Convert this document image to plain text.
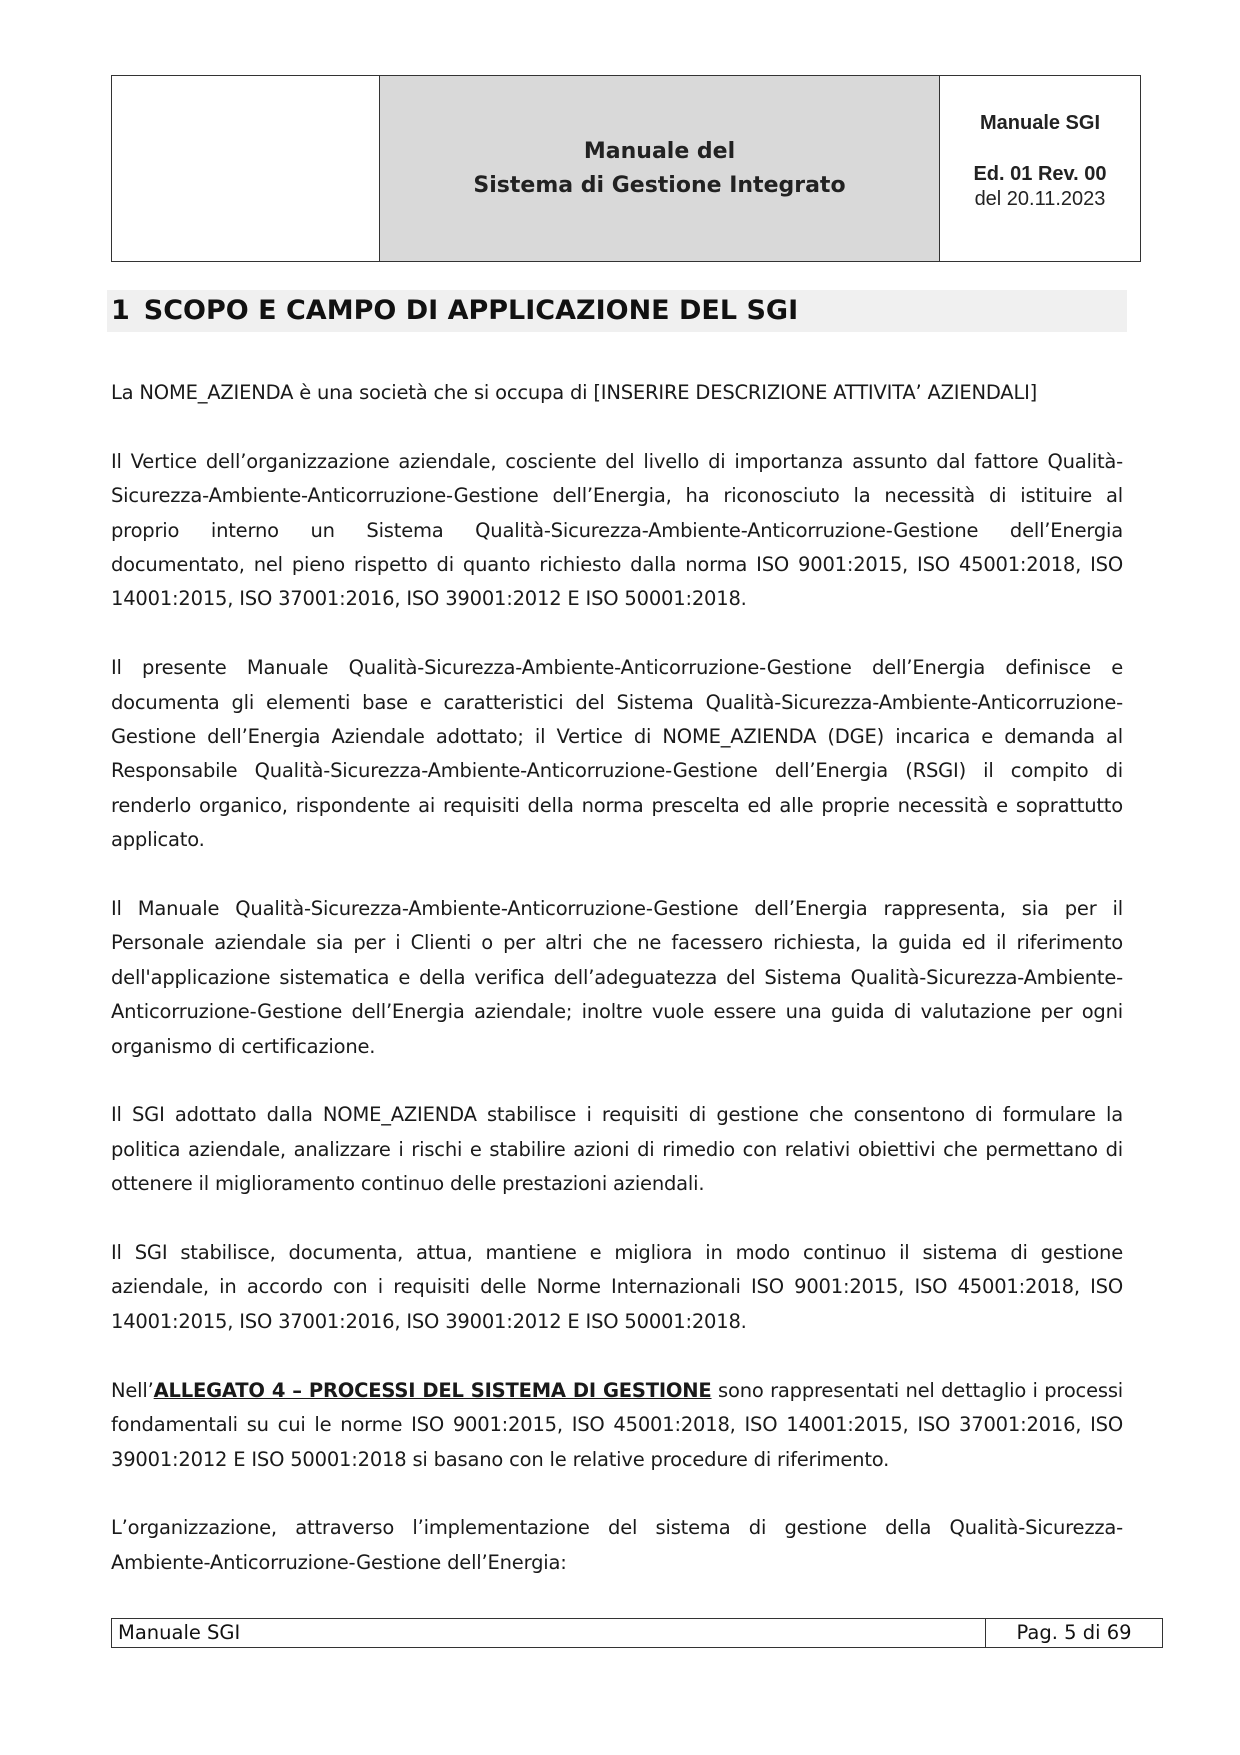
Manuale del
Sistema di Gestione Integrato
Manuale SGI
Ed. 01 Rev. 00
del 20.11.2023
1 SCOPO E CAMPO DI APPLICAZIONE DEL SGI

La NOME_AZIENDA è una società che si occupa di [INSERIRE DESCRIZIONE ATTIVITA’ AZIENDALI]

Il Vertice dell’organizzazione aziendale, cosciente del livello di importanza assunto dal fattore Qualità-Sicurezza-Ambiente-Anticorruzione-Gestione dell’Energia, ha riconosciuto la necessità di istituire al proprio interno un Sistema Qualità-Sicurezza-Ambiente-Anticorruzione-Gestione dell’Energia documentato, nel pieno rispetto di quanto richiesto dalla norma ISO 9001:2015, ISO 45001:2018, ISO 14001:2015, ISO 37001:2016, ISO 39001:2012 E ISO 50001:2018.

Il presente Manuale Qualità-Sicurezza-Ambiente-Anticorruzione-Gestione dell’Energia definisce e documenta gli elementi base e caratteristici del Sistema Qualità-Sicurezza-Ambiente-Anticorruzione-Gestione dell’Energia Aziendale adottato; il Vertice di NOME_AZIENDA (DGE) incarica e demanda al Responsabile Qualità-Sicurezza-Ambiente-Anticorruzione-Gestione dell’Energia (RSGI) il compito di renderlo organico, rispondente ai requisiti della norma prescelta ed alle proprie necessità e soprattutto applicato.

Il Manuale Qualità-Sicurezza-Ambiente-Anticorruzione-Gestione dell’Energia rappresenta, sia per il Personale aziendale sia per i Clienti o per altri che ne facessero richiesta, la guida ed il riferimento dell'applicazione sistematica e della verifica dell’adeguatezza del Sistema Qualità-Sicurezza-Ambiente-Anticorruzione-Gestione dell’Energia aziendale; inoltre vuole essere una guida di valutazione per ogni organismo di certificazione.

Il SGI adottato dalla NOME_AZIENDA stabilisce i requisiti di gestione che consentono di formulare la politica aziendale, analizzare i rischi e stabilire azioni di rimedio con relativi obiettivi che permettano di ottenere il miglioramento continuo delle prestazioni aziendali.

Il SGI stabilisce, documenta, attua, mantiene e migliora in modo continuo il sistema di gestione aziendale, in accordo con i requisiti delle Norme Internazionali ISO 9001:2015, ISO 45001:2018, ISO 14001:2015, ISO 37001:2016, ISO 39001:2012 E ISO 50001:2018.

Nell’ALLEGATO 4 – PROCESSI DEL SISTEMA DI GESTIONE sono rappresentati nel dettaglio i processi fondamentali su cui le norme ISO 9001:2015, ISO 45001:2018, ISO 14001:2015, ISO 37001:2016, ISO 39001:2012 E ISO 50001:2018 si basano con le relative procedure di riferimento.

L’organizzazione, attraverso l’implementazione del sistema di gestione della Qualità-Sicurezza-Ambiente-Anticorruzione-Gestione dell’Energia:

Manuale SGI	Pag. 5 di 69
